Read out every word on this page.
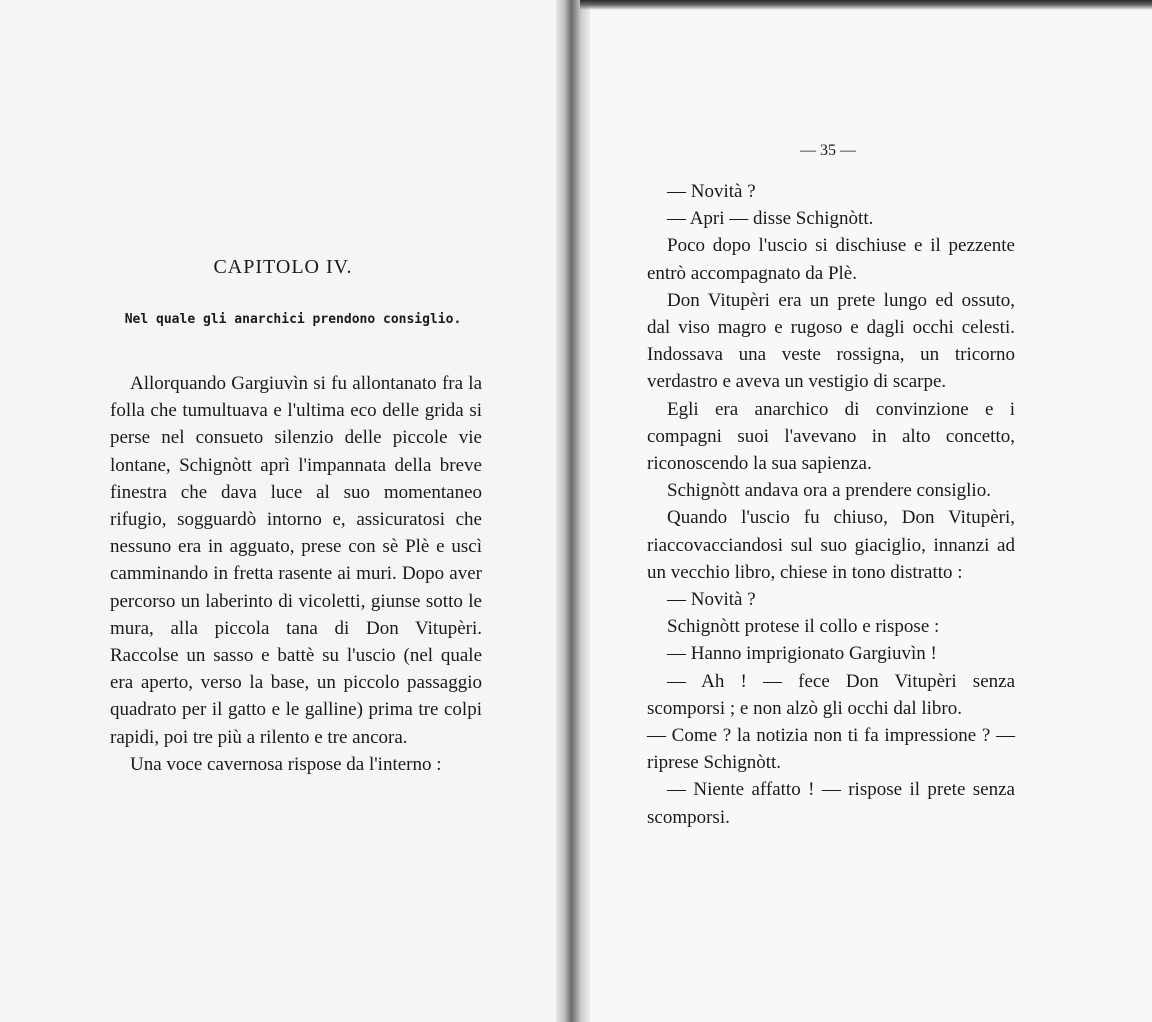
CAPITOLO IV.
Nel quale gli anarchici prendono consiglio.

Allorquando Gargiuvìn si fu allontanato fra la folla che tumultuava e l'ultima eco delle grida si perse nel consueto silenzio delle piccole vie lontane, Schignòtt aprì l'impannata della breve finestra che dava luce al suo momentaneo rifugio, sogguardò intorno e, assicuratosi che nessuno era in agguato, prese con sè Plè e uscì camminando in fretta rasente ai muri. Dopo aver percorso un laberinto di vicoletti, giunse sotto le mura, alla piccola tana di Don Vitupèri. Raccolse un sasso e battè su l'uscio (nel quale era aperto, verso la base, un piccolo passaggio quadrato per il gatto e le galline) prima tre colpi rapidi, poi tre più a rilento e tre ancora.

Una voce cavernosa rispose da l'interno :

— 35 —

— Novità ?

— Apri — disse Schignòtt.

Poco dopo l'uscio si dischiuse e il pezzente entrò accompagnato da Plè.

Don Vitupèri era un prete lungo ed ossuto, dal viso magro e rugoso e dagli occhi celesti. Indossava una veste rossigna, un tricorno verdastro e aveva un vestigio di scarpe.

Egli era anarchico di convinzione e i compagni suoi l'avevano in alto concetto, riconoscendo la sua sapienza.

Schignòtt andava ora a prendere consiglio.

Quando l'uscio fu chiuso, Don Vitupèri, riaccovacciandosi sul suo giaciglio, innanzi ad un vecchio libro, chiese in tono distratto :

— Novità ?

Schignòtt protese il collo e rispose :

— Hanno imprigionato Gargiuvìn !

— Ah ! — fece Don Vitupèri senza scomporsi ; e non alzò gli occhi dal libro.

— Come ? la notizia non ti fa impressione ? — riprese Schignòtt.

— Niente affatto ! — rispose il prete senza scomporsi.
